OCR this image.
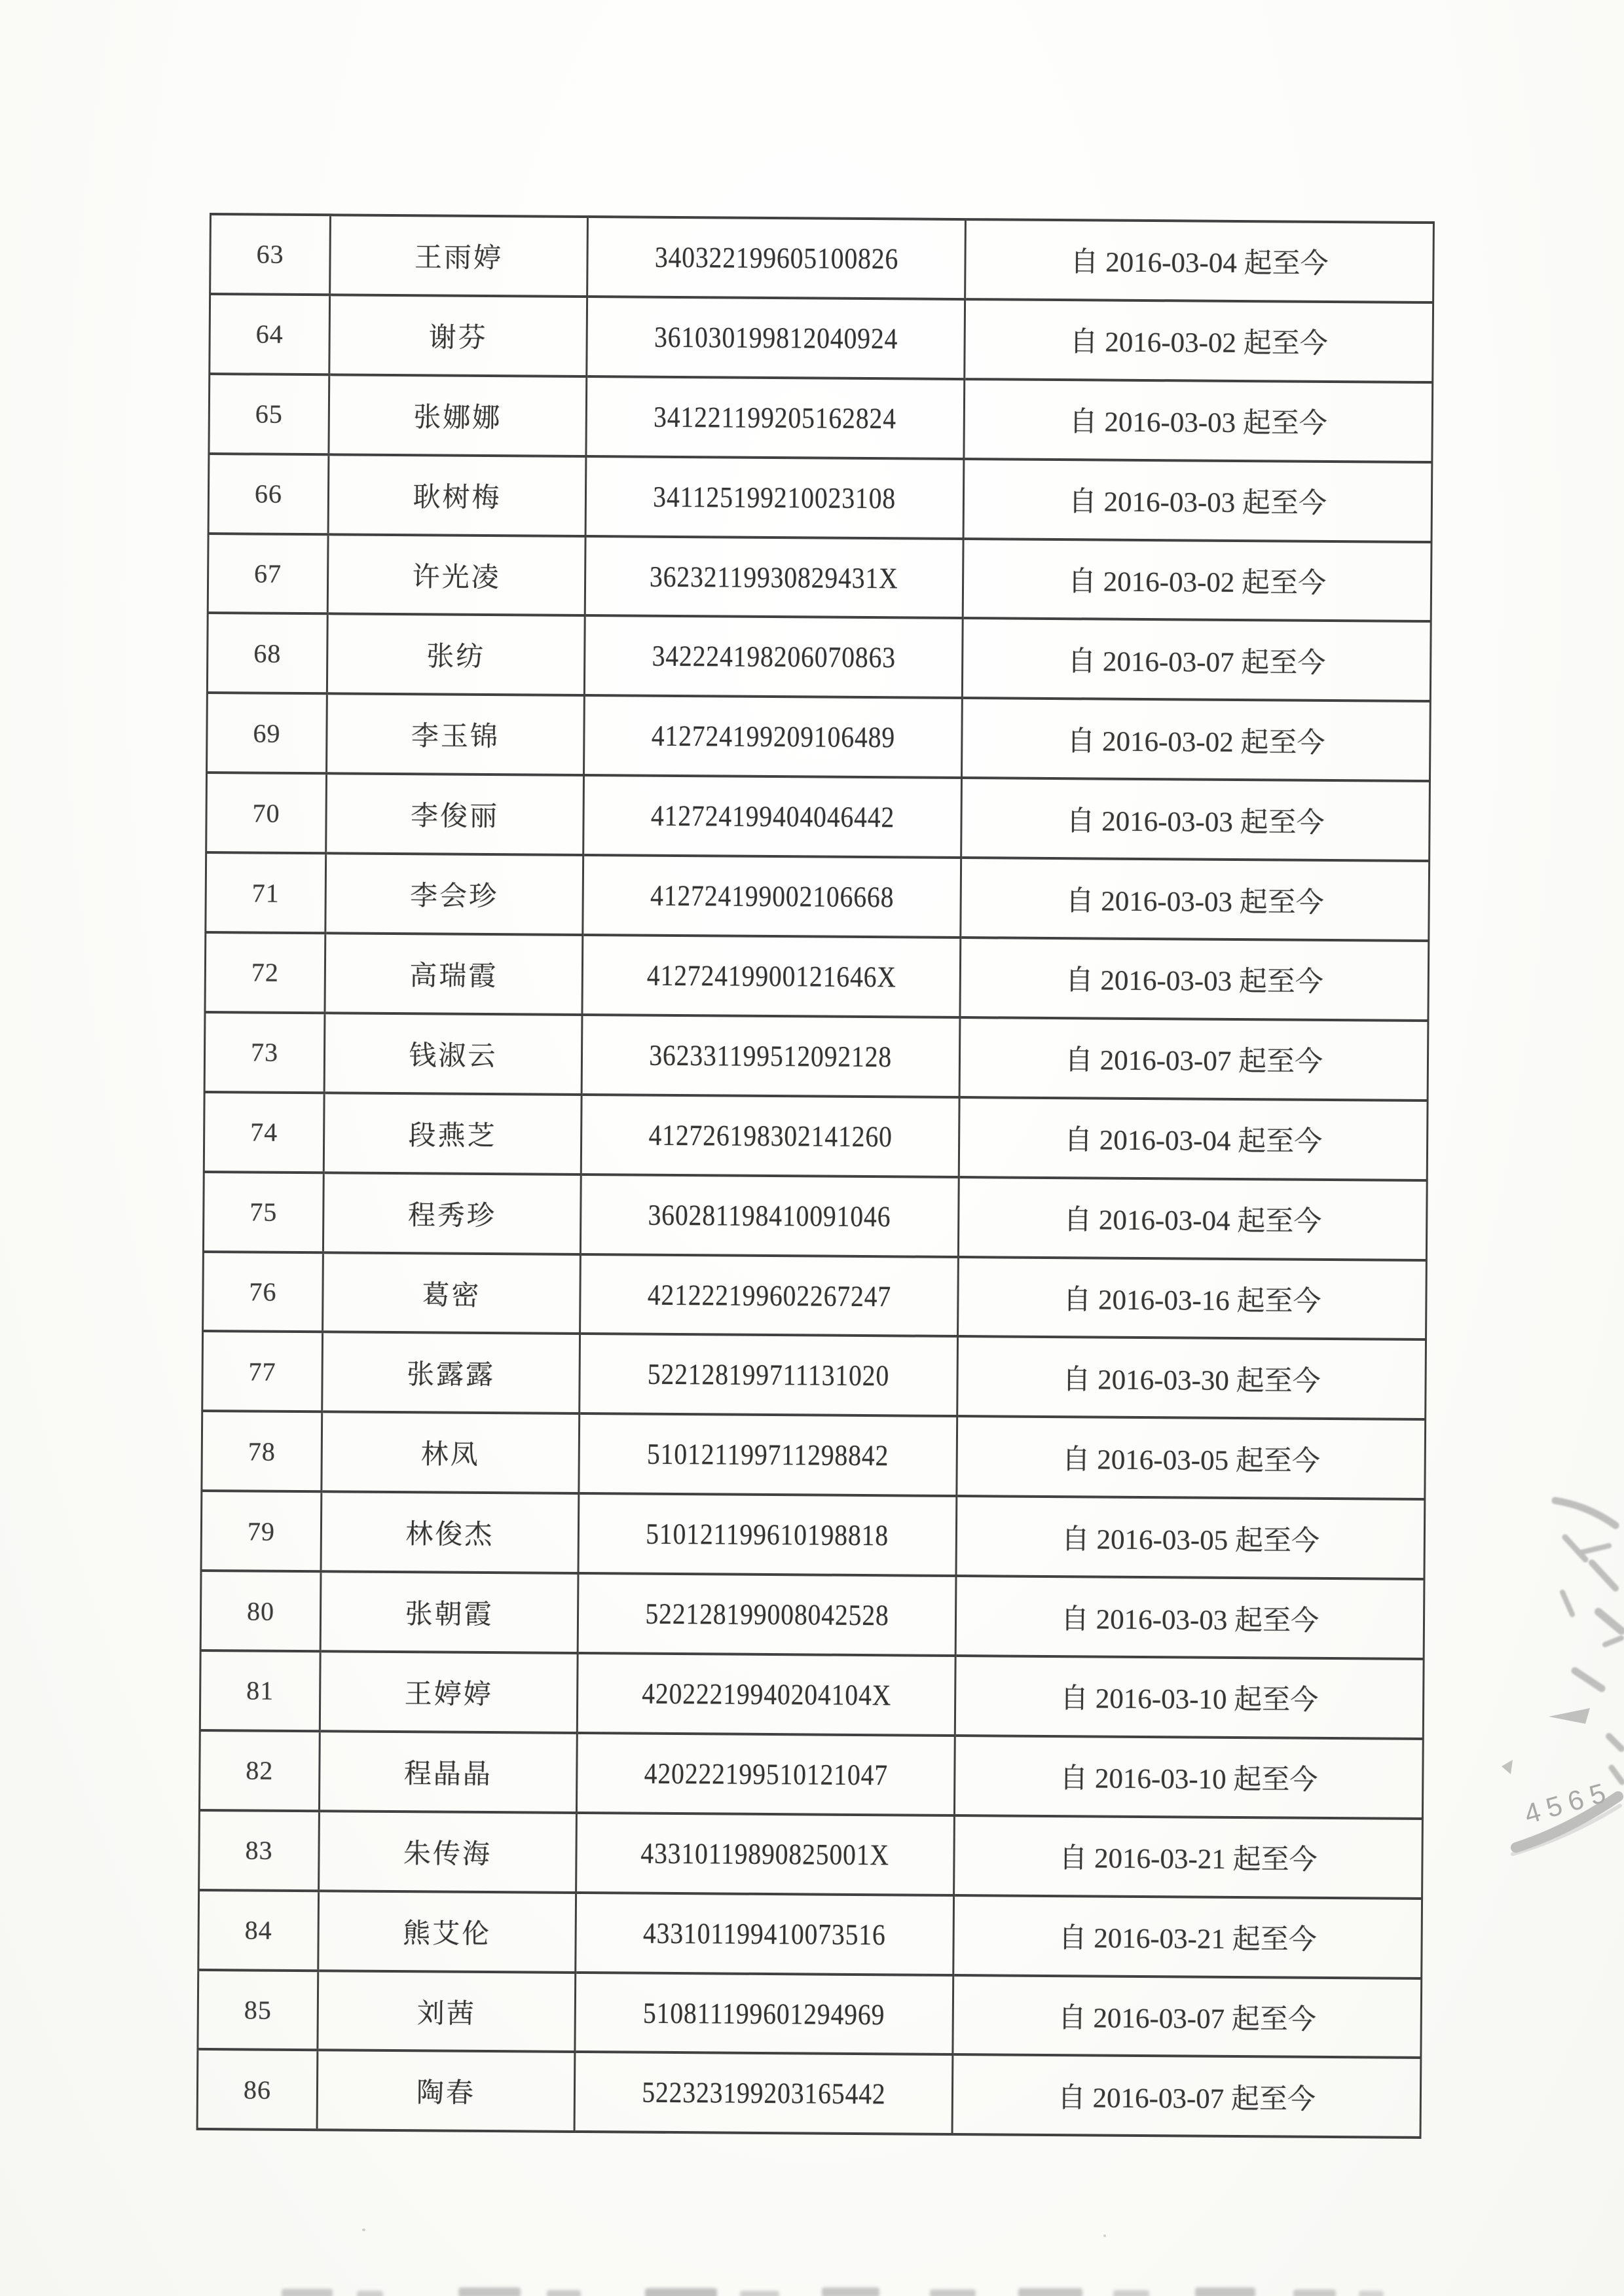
63	王雨婷	340322199605100826	自 2016-03-04 起至今
64	谢芬	361030199812040924	自 2016-03-02 起至今
65	张娜娜	341221199205162824	自 2016-03-03 起至今
66	耿树梅	341125199210023108	自 2016-03-03 起至今
67	许光凌	36232119930829431X	自 2016-03-02 起至今
68	张纺	342224198206070863	自 2016-03-07 起至今
69	李玉锦	412724199209106489	自 2016-03-02 起至今
70	李俊丽	412724199404046442	自 2016-03-03 起至今
71	李会珍	412724199002106668	自 2016-03-03 起至今
72	高瑞霞	41272419900121646X	自 2016-03-03 起至今
73	钱淑云	362331199512092128	自 2016-03-07 起至今
74	段燕芝	412726198302141260	自 2016-03-04 起至今
75	程秀珍	360281198410091046	自 2016-03-04 起至今
76	葛密	421222199602267247	自 2016-03-16 起至今
77	张露露	522128199711131020	自 2016-03-30 起至今
78	林凤	510121199711298842	自 2016-03-05 起至今
79	林俊杰	510121199610198818	自 2016-03-05 起至今
80	张朝霞	522128199008042528	自 2016-03-03 起至今
81	王婷婷	42022219940204104X	自 2016-03-10 起至今
82	程晶晶	420222199510121047	自 2016-03-10 起至今
83	朱传海	43310119890825001X	自 2016-03-21 起至今
84	熊艾伦	433101199410073516	自 2016-03-21 起至今
85	刘茜	510811199601294969	自 2016-03-07 起至今
86	陶春	522323199203165442	自 2016-03-07 起至今
4565
